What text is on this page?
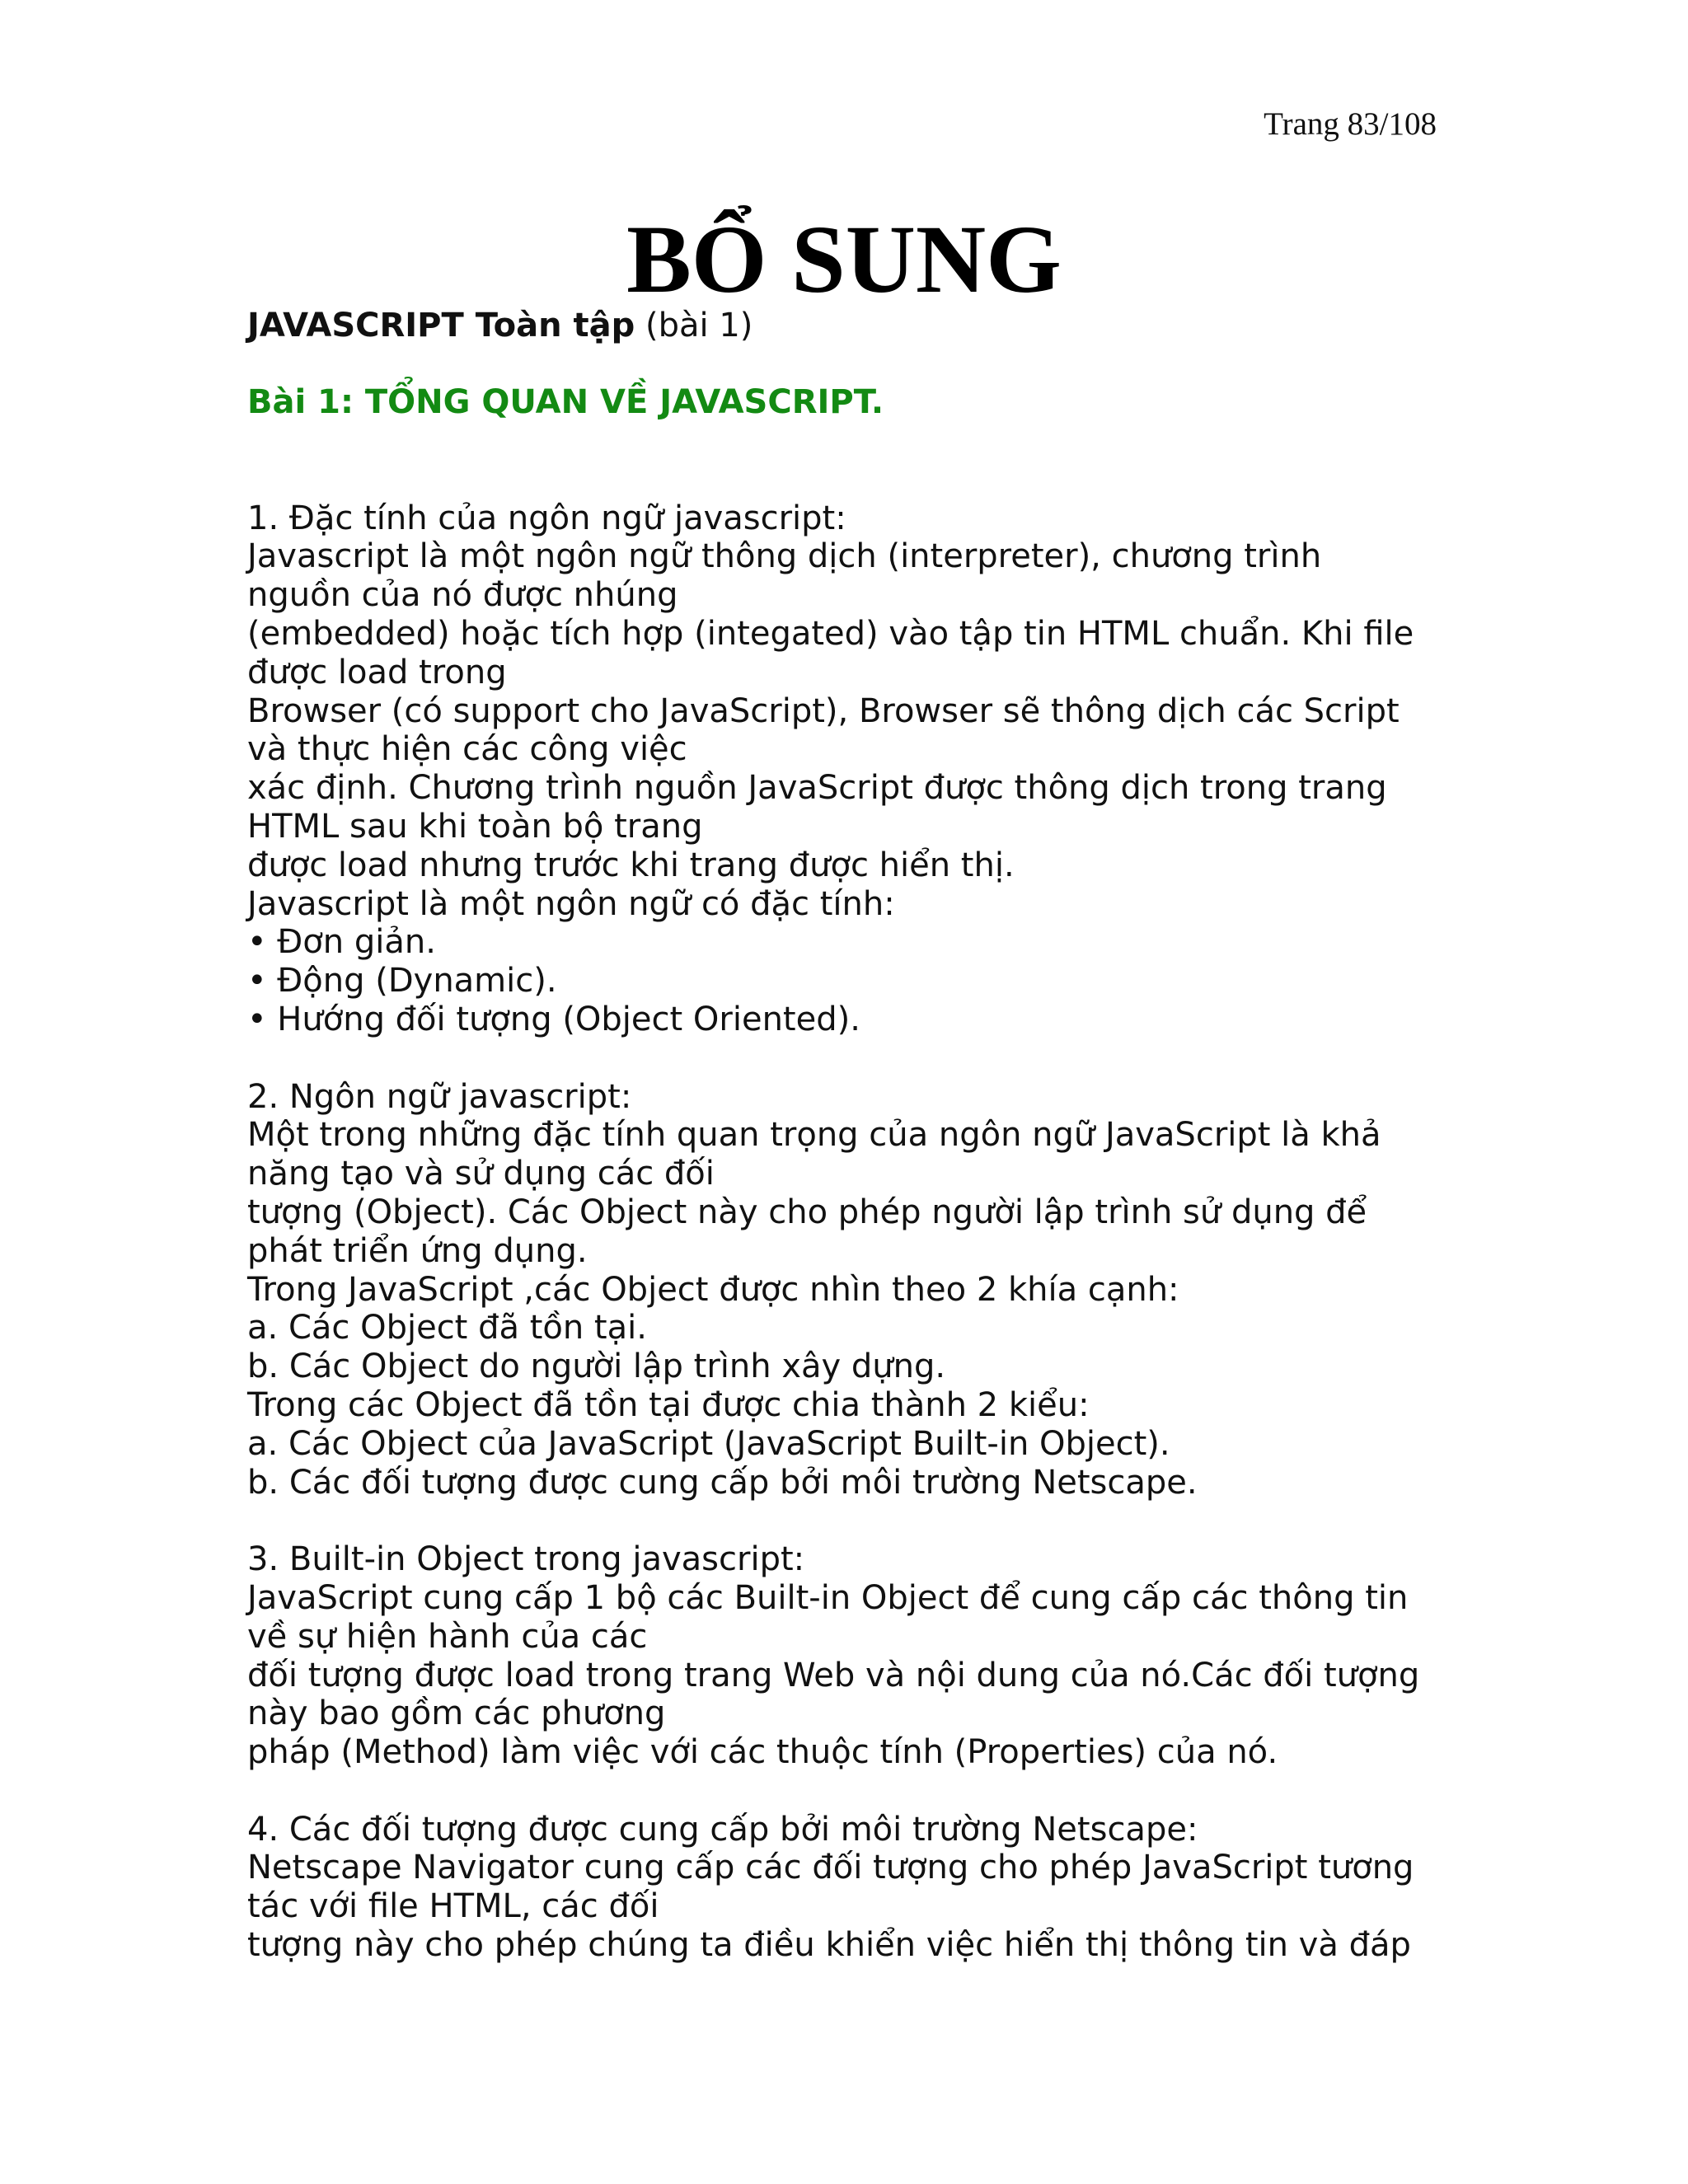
Trang 83/108
BỔ SUNG

JAVASCRIPT Toàn tập (bài 1)

Bài 1: TỔNG QUAN VỀ JAVASCRIPT.

1. Đặc tính của ngôn ngữ javascript:
Javascript là một ngôn ngữ thông dịch (interpreter), chương trình nguồn của nó được nhúng
(embedded) hoặc tích hợp (integated) vào tập tin HTML chuẩn. Khi file được load trong
Browser (có support cho JavaScript), Browser sẽ thông dịch các Script và thực hiện các công việc
xác định. Chương trình nguồn JavaScript được thông dịch trong trang HTML sau khi toàn bộ trang
được load nhưng trước khi trang được hiển thị.
Javascript là một ngôn ngữ có đặc tính:
• Đơn giản.
• Động (Dynamic).
• Hướng đối tượng (Object Oriented).

2. Ngôn ngữ javascript:
Một trong những đặc tính quan trọng của ngôn ngữ JavaScript là khả năng tạo và sử dụng các đối
tượng (Object). Các Object này cho phép người lập trình sử dụng để phát triển ứng dụng.
Trong JavaScript ,các Object được nhìn theo 2 khía cạnh:
a. Các Object đã tồn tại.
b. Các Object do người lập trình xây dựng.
Trong các Object đã tồn tại được chia thành 2 kiểu:
a. Các Object của JavaScript (JavaScript Built-in Object).
b. Các đối tượng được cung cấp bởi môi trường Netscape.

3. Built-in Object trong javascript:
JavaScript cung cấp 1 bộ các Built-in Object để cung cấp các thông tin về sự hiện hành của các
đối tượng được load trong trang Web và nội dung của nó.Các đối tượng này bao gồm các phương
pháp (Method) làm việc với các thuộc tính (Properties) của nó.

4. Các đối tượng được cung cấp bởi môi trường Netscape:
Netscape Navigator cung cấp các đối tượng cho phép JavaScript tương tác với file HTML, các đối
tượng này cho phép chúng ta điều khiển việc hiển thị thông tin và đáp
